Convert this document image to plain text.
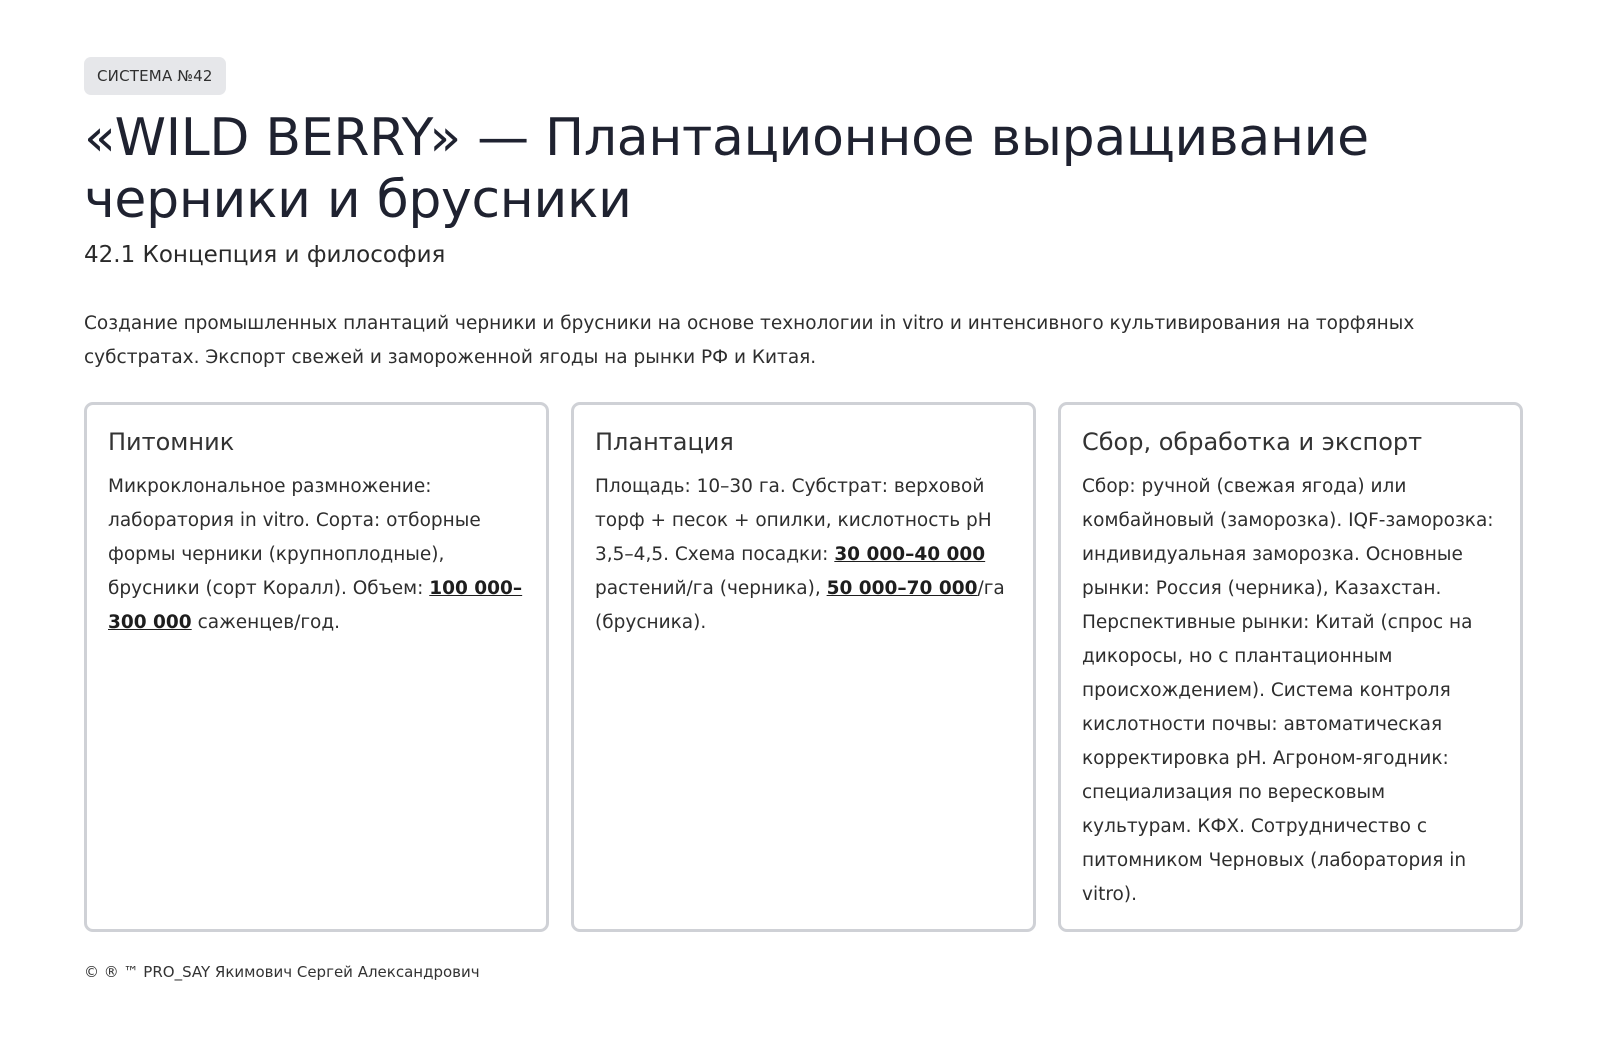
СИСТЕМА №42
«WILD BERRY» — Плантационное выращивание черники и брусники
42.1 Концепция и философия

Создание промышленных плантаций черники и брусники на основе технологии in vitro и интенсивного культивирования на торфяных субстратах. Экспорт свежей и замороженной ягоды на рынки РФ и Китая.

Питомник

Микроклональное размножение: лаборатория in vitro. Сорта: отборные формы черники (крупноплодные), брусники (сорт Коралл). Объем: 100 000–300 000 саженцев/год.

Плантация

Площадь: 10–30 га. Субстрат: верховой торф + песок + опилки, кислотность pH 3,5–4,5. Схема посадки: 30 000–40 000 растений/га (черника), 50 000–70 000/га (брусника).

Сбор, обработка и экспорт

Сбор: ручной (свежая ягода) или комбайновый (заморозка). IQF-заморозка: индивидуальная заморозка. Основные рынки: Россия (черника), Казахстан. Перспективные рынки: Китай (спрос на дикоросы, но с плантационным происхождением). Система контроля кислотности почвы: автоматическая корректировка pH. Агроном-ягодник: специализация по вересковым культурам. КФХ. Сотрудничество с питомником Черновых (лаборатория in vitro).

© ® ™ PRO_SAY Якимович Сергей Александрович
